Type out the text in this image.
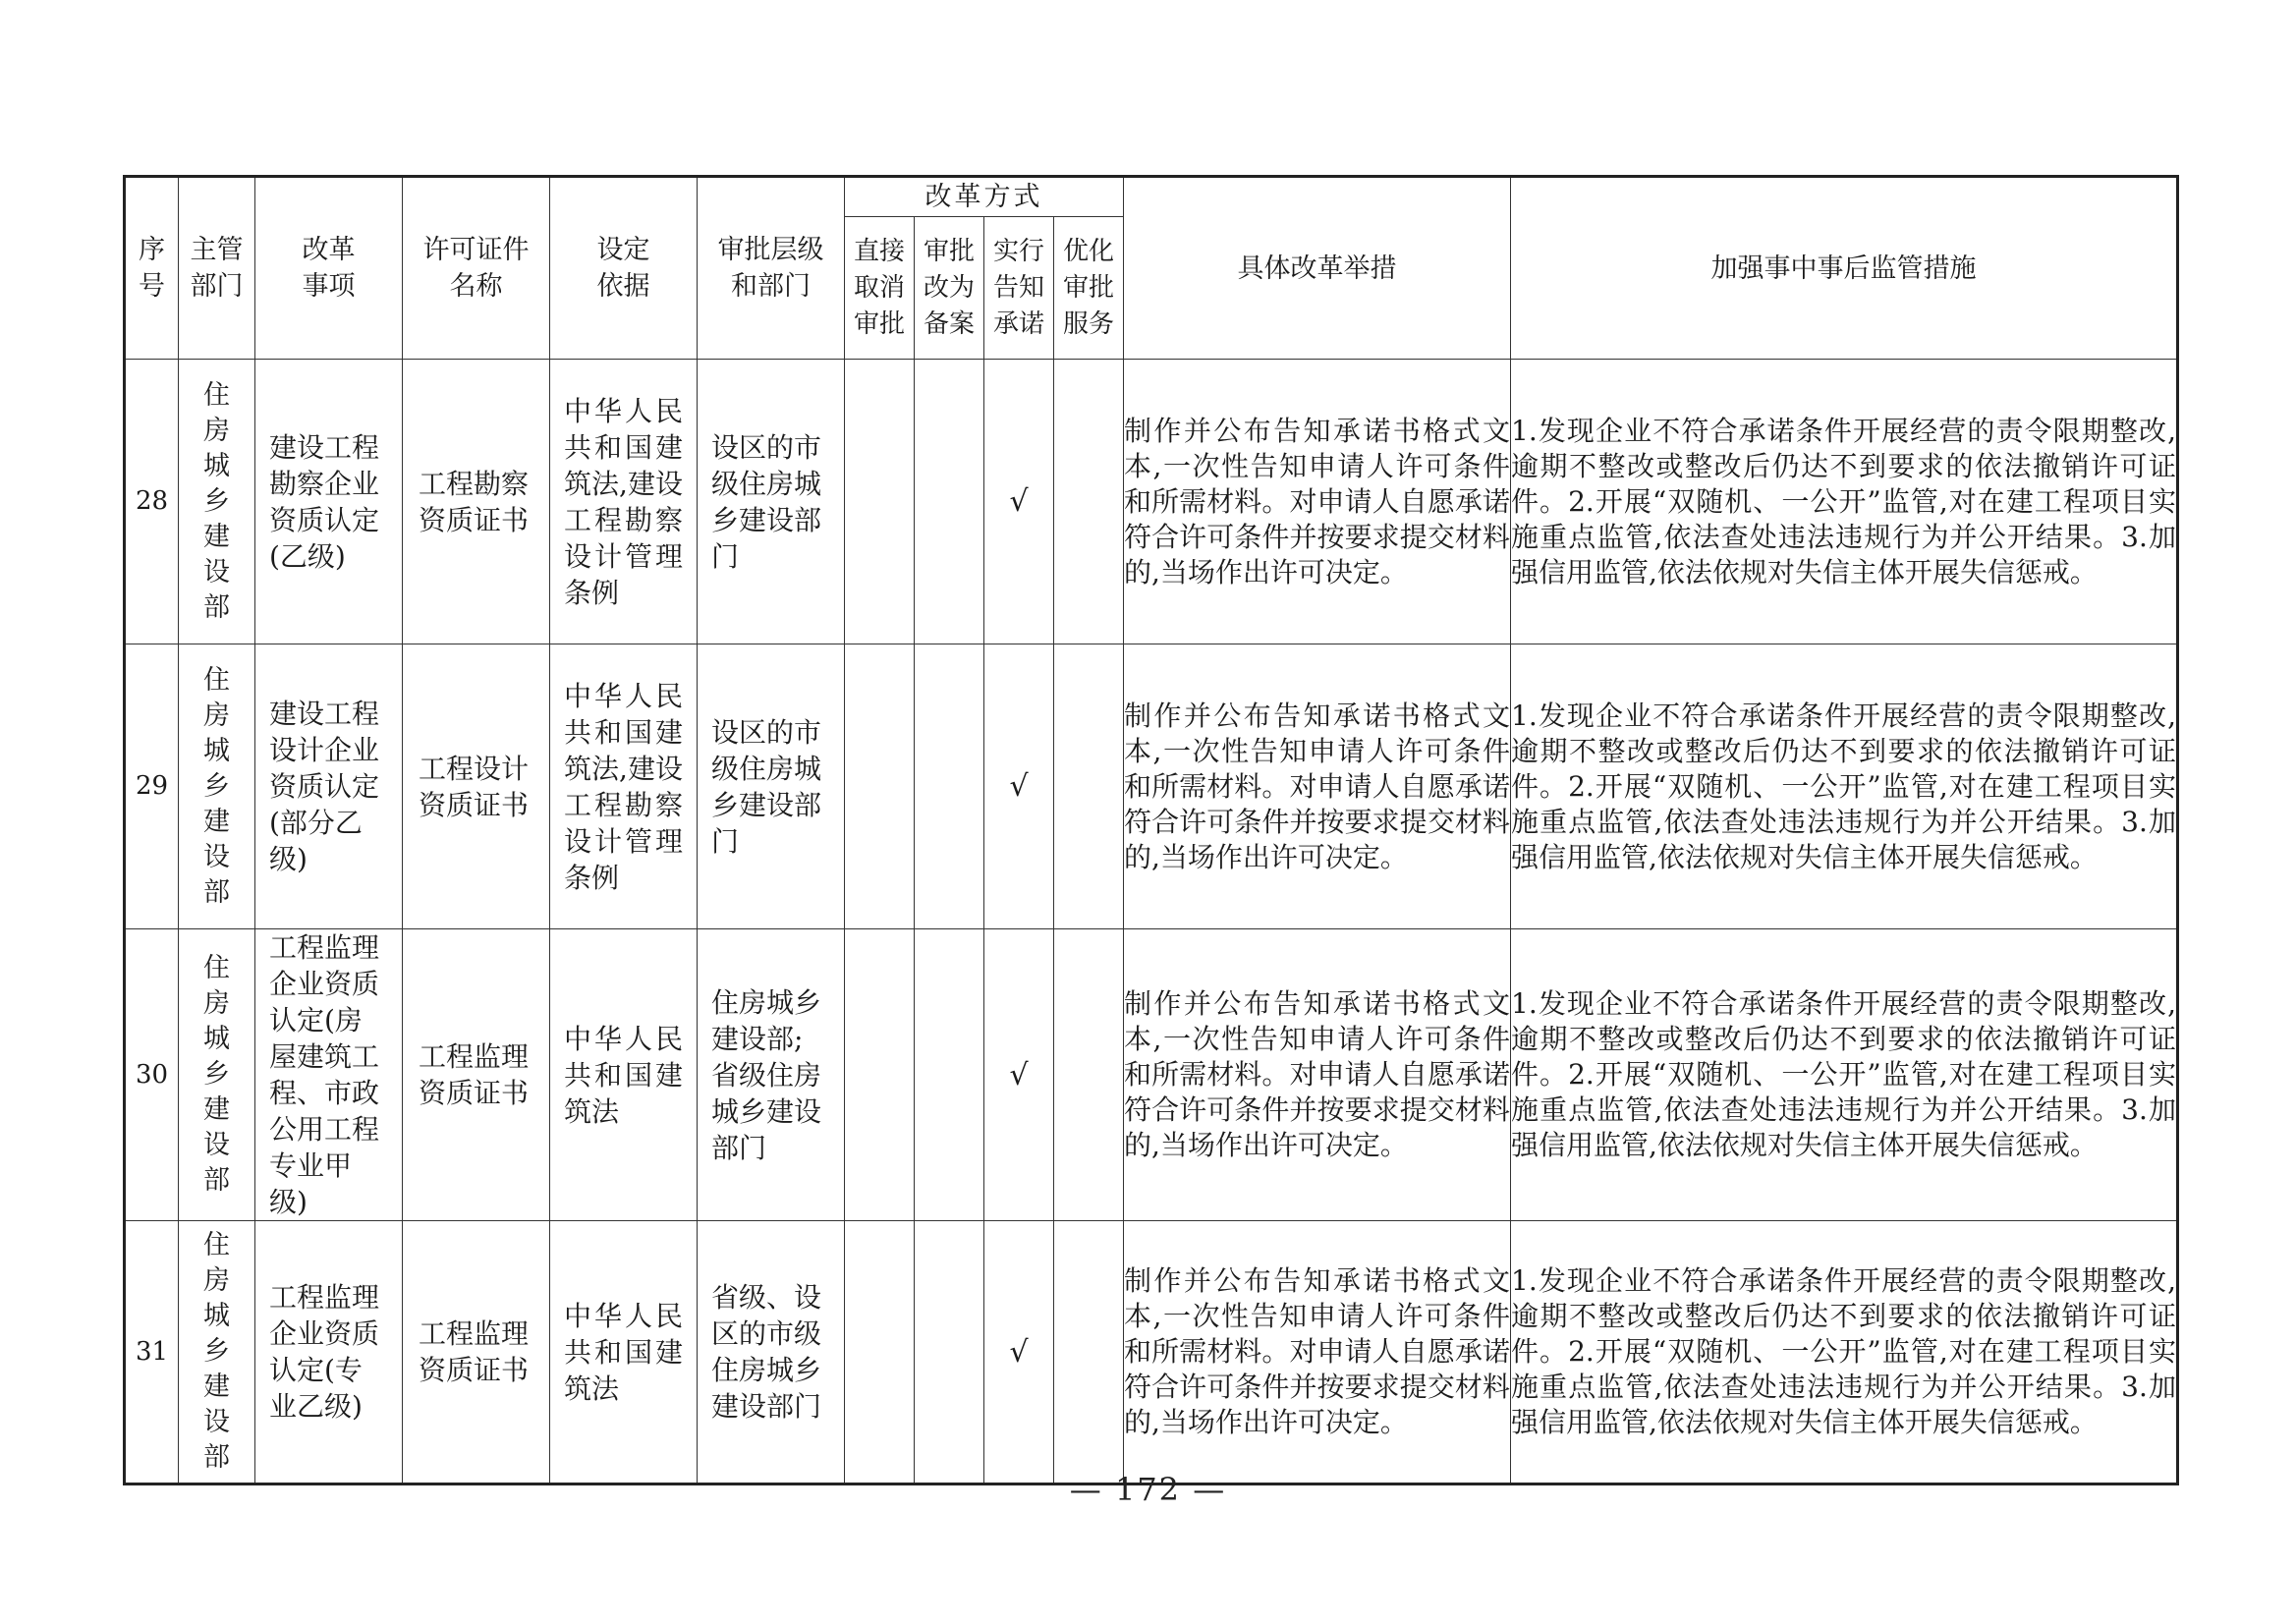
序号	主管部门	改革事项	许可证件名称	设定依据	审批层级和部门	改革方式				具体改革举措	加强事中事后监管措施
						直接取消审批	审批改为备案	实行告知承诺	优化审批服务		
28	住房城乡建设部	建设工程勘察企业资质认定(乙级)	工程勘察资质证书	中华人民共和国建筑法,建设工程勘察设计管理条例	设区的市级住房城乡建设部门			√		制作并公布告知承诺书格式文本,一次性告知申请人许可条件和所需材料。对申请人自愿承诺符合许可条件并按要求提交材料的,当场作出许可决定。	1.发现企业不符合承诺条件开展经营的责令限期整改,逾期不整改或整改后仍达不到要求的依法撤销许可证件。2.开展“双随机、一公开”监管,对在建工程项目实施重点监管,依法查处违法违规行为并公开结果。3.加强信用监管,依法依规对失信主体开展失信惩戒。
29	住房城乡建设部	建设工程设计企业资质认定(部分乙级)	工程设计资质证书	中华人民共和国建筑法,建设工程勘察设计管理条例	设区的市级住房城乡建设部门			√		制作并公布告知承诺书格式文本,一次性告知申请人许可条件和所需材料。对申请人自愿承诺符合许可条件并按要求提交材料的,当场作出许可决定。	1.发现企业不符合承诺条件开展经营的责令限期整改,逾期不整改或整改后仍达不到要求的依法撤销许可证件。2.开展“双随机、一公开”监管,对在建工程项目实施重点监管,依法查处违法违规行为并公开结果。3.加强信用监管,依法依规对失信主体开展失信惩戒。
30	住房城乡建设部	工程监理企业资质认定(房屋建筑工程、市政公用工程专业甲级)	工程监理资质证书	中华人民共和国建筑法	住房城乡建设部;省级住房城乡建设部门			√		制作并公布告知承诺书格式文本,一次性告知申请人许可条件和所需材料。对申请人自愿承诺符合许可条件并按要求提交材料的,当场作出许可决定。	1.发现企业不符合承诺条件开展经营的责令限期整改,逾期不整改或整改后仍达不到要求的依法撤销许可证件。2.开展“双随机、一公开”监管,对在建工程项目实施重点监管,依法查处违法违规行为并公开结果。3.加强信用监管,依法依规对失信主体开展失信惩戒。
31	住房城乡建设部	工程监理企业资质认定(专业乙级)	工程监理资质证书	中华人民共和国建筑法	省级、设区的市级住房城乡建设部门			√		制作并公布告知承诺书格式文本,一次性告知申请人许可条件和所需材料。对申请人自愿承诺符合许可条件并按要求提交材料的,当场作出许可决定。	1.发现企业不符合承诺条件开展经营的责令限期整改,逾期不整改或整改后仍达不到要求的依法撤销许可证件。2.开展“双随机、一公开”监管,对在建工程项目实施重点监管,依法查处违法违规行为并公开结果。3.加强信用监管,依法依规对失信主体开展失信惩戒。
— 172 —
